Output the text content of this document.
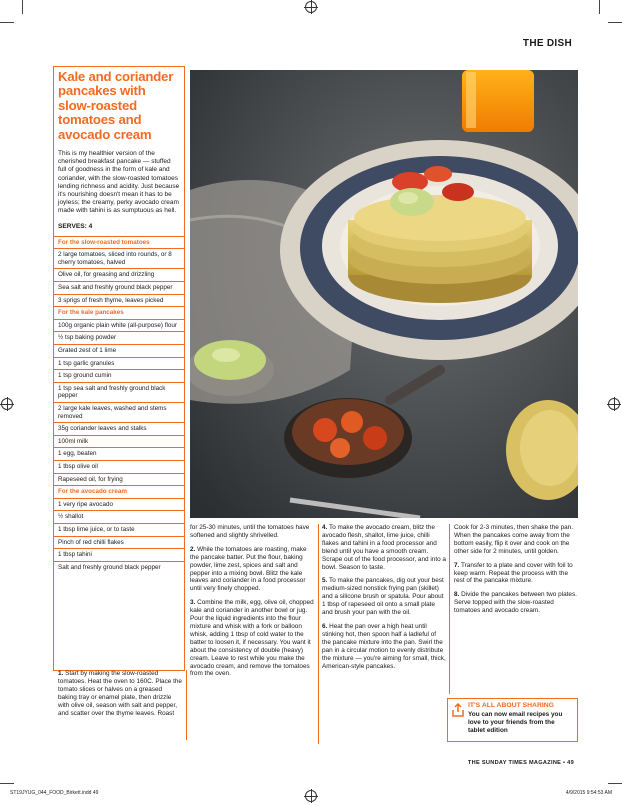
THE DISH
Kale and coriander pancakes with slow-roasted tomatoes and avocado cream

This is my healthier version of the cherished breakfast pancake — stuffed full of goodness in the form of kale and coriander, with the slow-roasted tomatoes lending richness and acidity. Just because it's nourishing doesn't mean it has to be joyless; the creamy, perky avocado cream made with tahini is as sumptuous as hell.

SERVES: 4

For the slow-roasted tomatoes
2 large tomatoes, sliced into rounds, or 8 cherry tomatoes, halved
Olive oil, for greasing and drizzling
Sea salt and freshly ground black pepper
3 sprigs of fresh thyme, leaves picked
For the kale pancakes
100g organic plain white (all-purpose) flour
½ tsp baking powder
Grated zest of 1 lime
1 tsp garlic granules
1 tsp ground cumin
1 tsp sea salt and freshly ground black pepper
2 large kale leaves, washed and stems removed
35g coriander leaves and stalks
100ml milk
1 egg, beaten
1 tbsp olive oil
Rapeseed oil, for frying
For the avocado cream
1 very ripe avocado
½ shallot
1 tbsp lime juice, or to taste
Pinch of red chilli flakes
1 tbsp tahini
Salt and freshly ground black pepper

1. Start by making the slow-roasted tomatoes. Heat the oven to 160C. Place the tomato slices or halves on a greased baking tray or enamel plate, then drizzle with olive oil, season with salt and pepper, and scatter over the thyme leaves. Roast

for 25-30 minutes, until the tomatoes have softened and slightly shrivelled.

2. While the tomatoes are roasting, make the pancake batter. Put the flour, baking powder, lime zest, spices and salt and pepper into a mixing bowl. Blitz the kale leaves and coriander in a food processor until very finely chopped.

3. Combine the milk, egg, olive oil, chopped kale and coriander in another bowl or jug. Pour the liquid ingredients into the flour mixture and whisk with a fork or balloon whisk, adding 1 tbsp of cold water to the batter to loosen it, if necessary. You want it about the consistency of double (heavy) cream. Leave to rest while you make the avocado cream, and remove the tomatoes from the oven.

4. To make the avocado cream, blitz the avocado flesh, shallot, lime juice, chilli flakes and tahini in a food processor and blend until you have a smooth cream. Scrape out of the food processor, and into a bowl. Season to taste.

5. To make the pancakes, dig out your best medium-sized nonstick frying pan (skillet) and a silicone brush or spatula. Pour about 1 tbsp of rapeseed oil onto a small plate and brush your pan with the oil.

6. Heat the pan over a high heat until stinking hot, then spoon half a ladleful of the pancake mixture into the pan. Swirl the pan in a circular motion to evenly distribute the mixture — you're aiming for small, thick, American-style pancakes.

Cook for 2-3 minutes, then shake the pan. When the pancakes come away from the bottom easily, flip it over and cook on the other side for 2 minutes, until golden.

7. Transfer to a plate and cover with foil to keep warm. Repeat the process with the rest of the pancake mixture.

8. Divide the pancakes between two plates. Serve topped with the slow-roasted tomatoes and avocado cream.

IT'S ALL ABOUT SHARING
You can now email recipes you love to your friends from the tablet edition
THE SUNDAY TIMES MAGAZINE • 49
ST19JYUG_044_FOOD_Birkett.indd 49	4/9/2015 9:54:53 AM
